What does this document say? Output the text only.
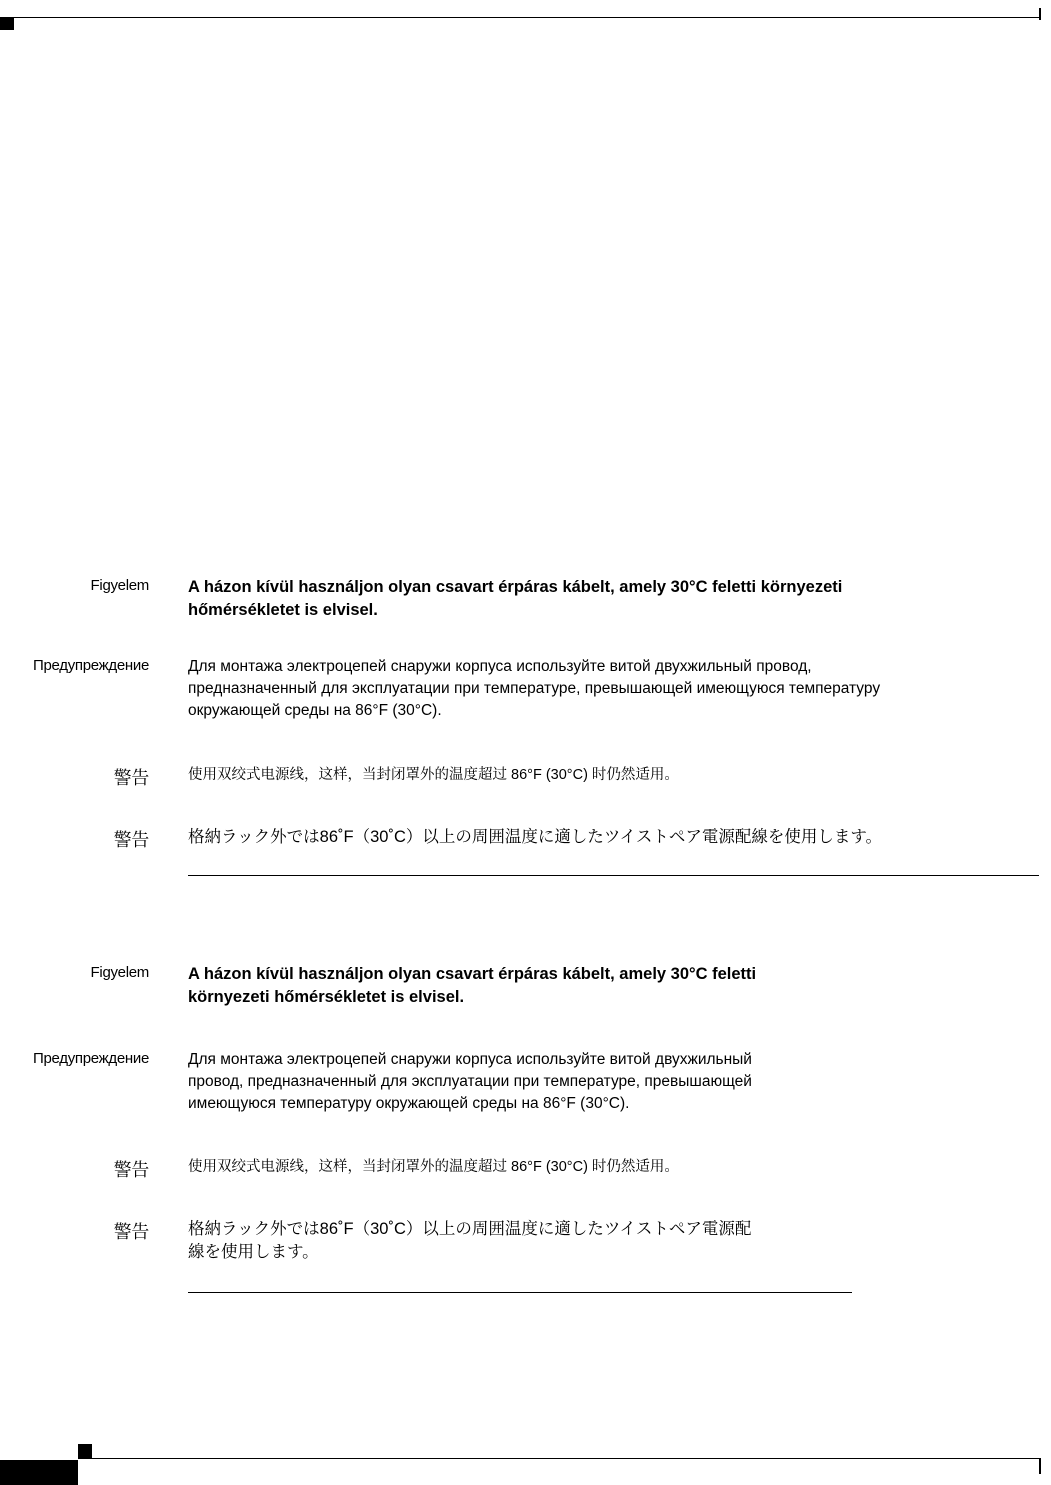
Figyelem A házon kívül használjon olyan csavart érpáras kábelt, amely 30°C feletti környezeti
hőmérsékletet is elvisel.

Предупреждение	Для монтажа электроцепей снаружи корпуса используйте витой двухжильный провод,
предназначенный для эксплуатации при температуре, превышающей имеющуюся температуру
окружающей среды на 86°F (30°C).

警告	使用双绞式电源线，这样，当封闭罩外的温度超过 86°F (30°C) 时仍然适用。

警告 格納ラック外では86˚F（30˚C）以上の周囲温度に適したツイストペア電源配線を使用します。

Figyelem A házon kívül használjon olyan csavart érpáras kábelt, amely 30°C feletti
környezeti hőmérsékletet is elvisel.

Предупреждение	Для монтажа электроцепей снаружи корпуса используйте витой двухжильный
провод, предназначенный для эксплуатации при температуре, превышающей
имеющуюся температуру окружающей среды на 86°F (30°C).

警告	使用双绞式电源线，这样，当封闭罩外的温度超过 86°F (30°C) 时仍然适用。

警告 格納ラック外では86˚F（30˚C）以上の周囲温度に適したツイストペア電源配
線を使用します。
